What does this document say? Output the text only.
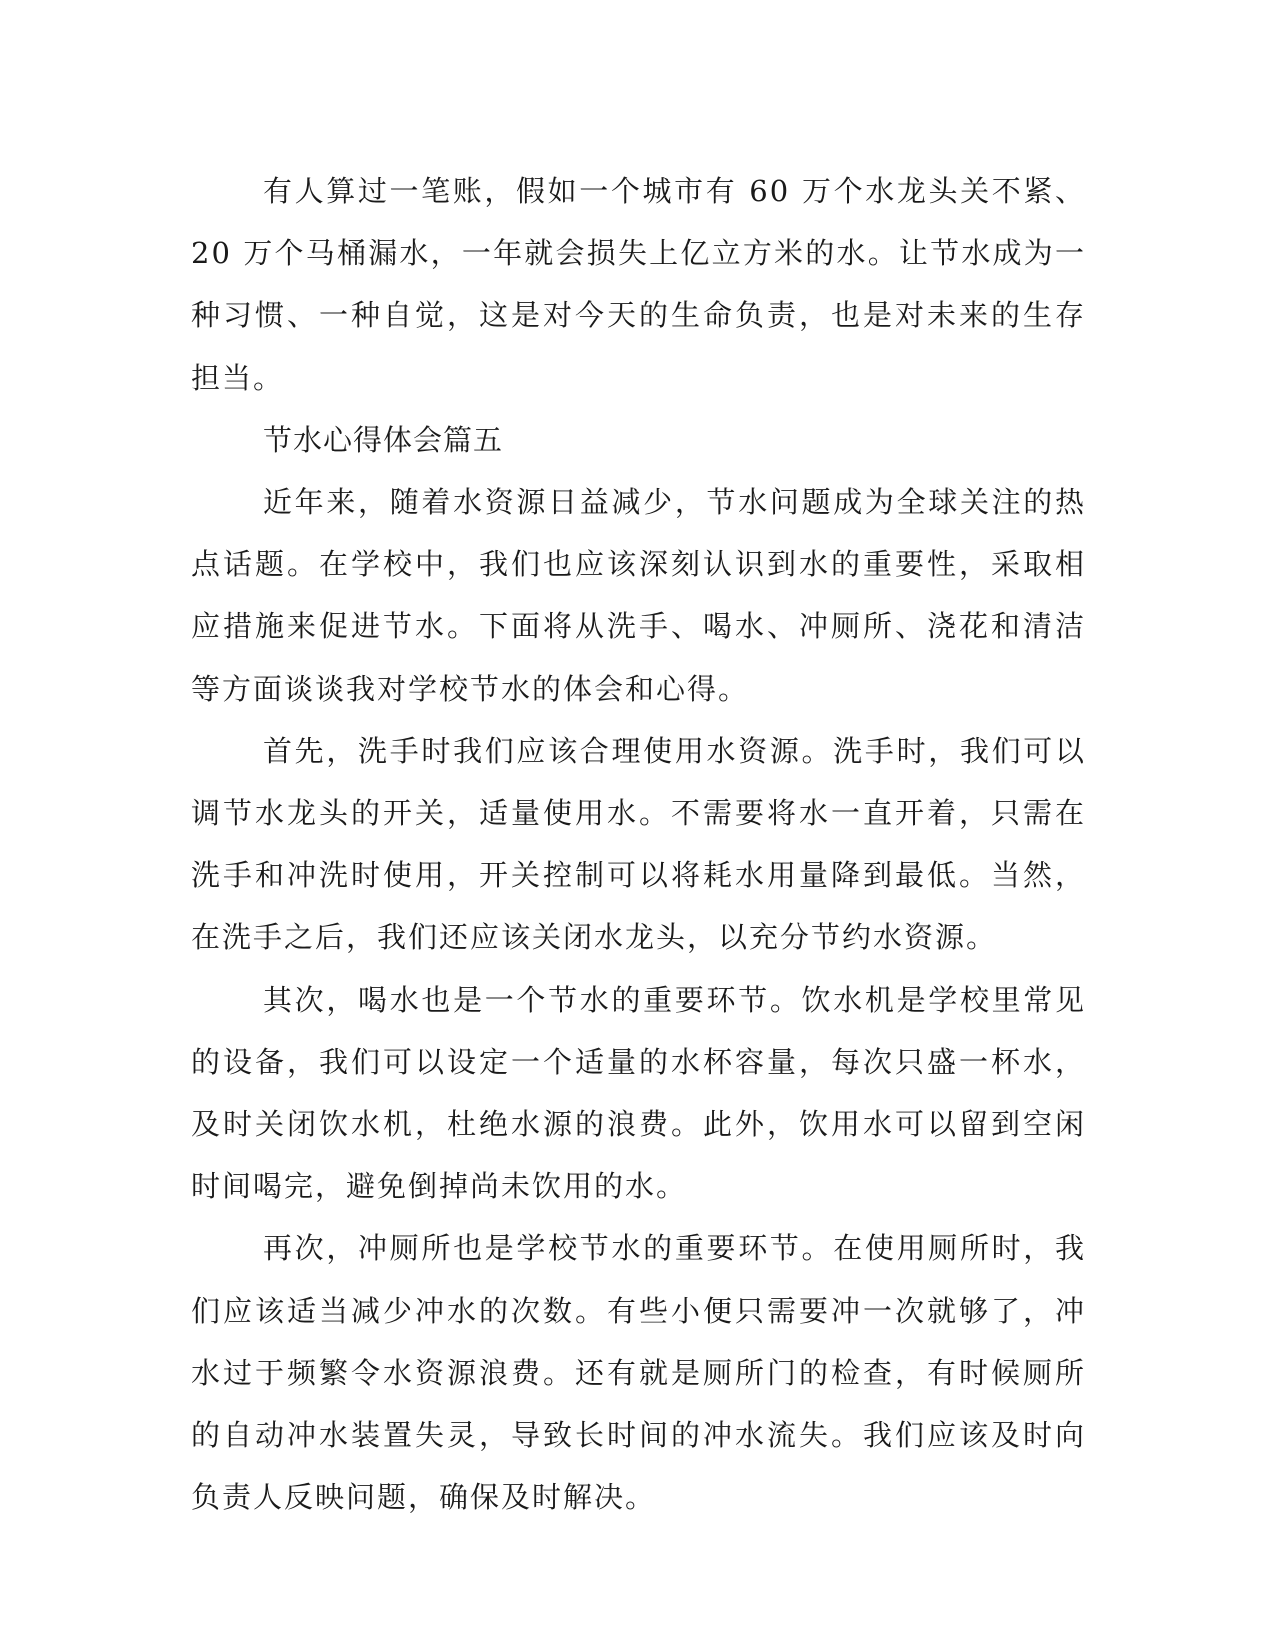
有人算过一笔账，假如一个城市有 60 万个水龙头关不紧、20 万个马桶漏水，一年就会损失上亿立方米的水。让节水成为一种习惯、一种自觉，这是对今天的生命负责，也是对未来的生存担当。

节水心得体会篇五

近年来，随着水资源日益减少，节水问题成为全球关注的热点话题。在学校中，我们也应该深刻认识到水的重要性，采取相应措施来促进节水。下面将从洗手、喝水、冲厕所、浇花和清洁等方面谈谈我对学校节水的体会和心得。

首先，洗手时我们应该合理使用水资源。洗手时，我们可以调节水龙头的开关，适量使用水。不需要将水一直开着，只需在洗手和冲洗时使用，开关控制可以将耗水用量降到最低。当然，在洗手之后，我们还应该关闭水龙头，以充分节约水资源。

其次，喝水也是一个节水的重要环节。饮水机是学校里常见的设备，我们可以设定一个适量的水杯容量，每次只盛一杯水，及时关闭饮水机，杜绝水源的浪费。此外，饮用水可以留到空闲时间喝完，避免倒掉尚未饮用的水。

再次，冲厕所也是学校节水的重要环节。在使用厕所时，我们应该适当减少冲水的次数。有些小便只需要冲一次就够了，冲水过于频繁令水资源浪费。还有就是厕所门的检查，有时候厕所的自动冲水装置失灵，导致长时间的冲水流失。我们应该及时向负责人反映问题，确保及时解决。
